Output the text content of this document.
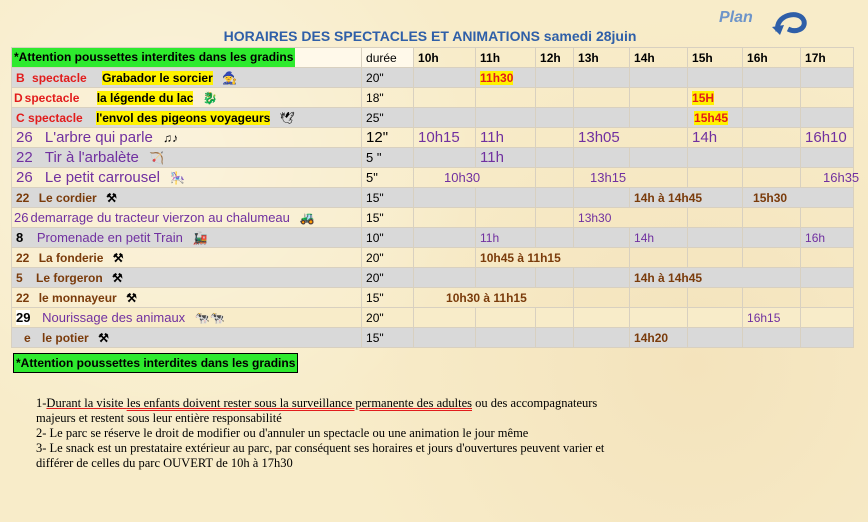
HORAIRES DES SPECTACLES ET ANIMATIONS samedi 28juin
Plan
*Attention poussettes interdites dans les gradins	durée	10h	11h	12h	13h	14h	15h	16h	17h	
B spectacle Grabador le sorcier 🧙	20"		11h30							
D spectacle la légende du lac 🐉	18"						15H			
C spectacle l'envol des pigeons voyageurs 🕊	25"						15h45			
26 L'arbre qui parle ♫♪	12"	10h15	11h		13h05		14h		16h10	
22 Tir à l'arbalète 🏹	5 "		11h							
26 Le petit carrousel 🎠	5"	10h30			13h15				16h35	
22 Le cordier ⚒	15"					14h à 14h45		15h30		
26 demarrage du tracteur vierzon au chalumeau 🚜	15"				13h30					
8 Promenade en petit Train 🚂	10"		11h			14h			16h	
22 La fonderie ⚒	20"		10h45 à 11h15							
5 Le forgeron ⚒	20"					14h à 14h45				
22 le monnayeur ⚒	15"	10h30 à 11h15								
29 Nourissage des animaux 🐄🐄	20"							16h15		
e le potier ⚒	15"					14h20				
*Attention poussettes interdites dans les gradins
1-Durant la visite les enfants doivent rester sous la surveillance permanente des adultes ou des accompagnateurs
majeurs et restent sous leur entière responsabilité
2- Le parc se réserve le droit de modifier ou d'annuler un spectacle ou une animation le jour même
3- Le snack est un prestataire extérieur au parc, par conséquent ses horaires et jours d'ouvertures peuvent varier et
différer de celles du parc OUVERT de 10h à 17h30
